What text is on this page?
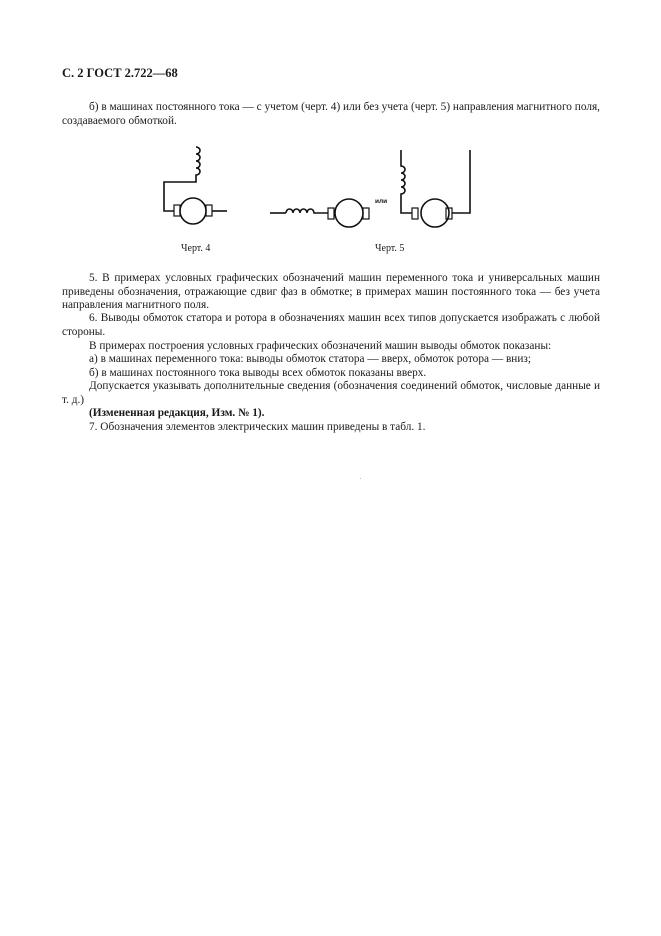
С. 2 ГОСТ 2.722—68

б) в машинах постоянного тока — с учетом (черт. 4) или без учета (черт. 5) направления магнитного поля, создаваемого обмоткой.

или
Черт. 4	Черт. 5

5. В примерах условных графических обозначений машин переменного тока и универсальных машин приведены обозначения, отражающие сдвиг фаз в обмотке; в примерах машин постоянного тока — без учета направления магнитного поля.

6. Выводы обмоток статора и ротора в обозначениях машин всех типов допускается изображать с любой стороны.

В примерах построения условных графических обозначений машин выводы обмоток показаны:

а) в машинах переменного тока: выводы обмоток статора — вверх, обмоток ротора — вниз;

б) в машинах постоянного тока выводы всех обмоток показаны вверх.

Допускается указывать дополнительные сведения (обозначения соединений обмоток, числовые данные и т. д.)

(Измененная редакция, Изм. № 1).

7. Обозначения элементов электрических машин приведены в табл. 1.
